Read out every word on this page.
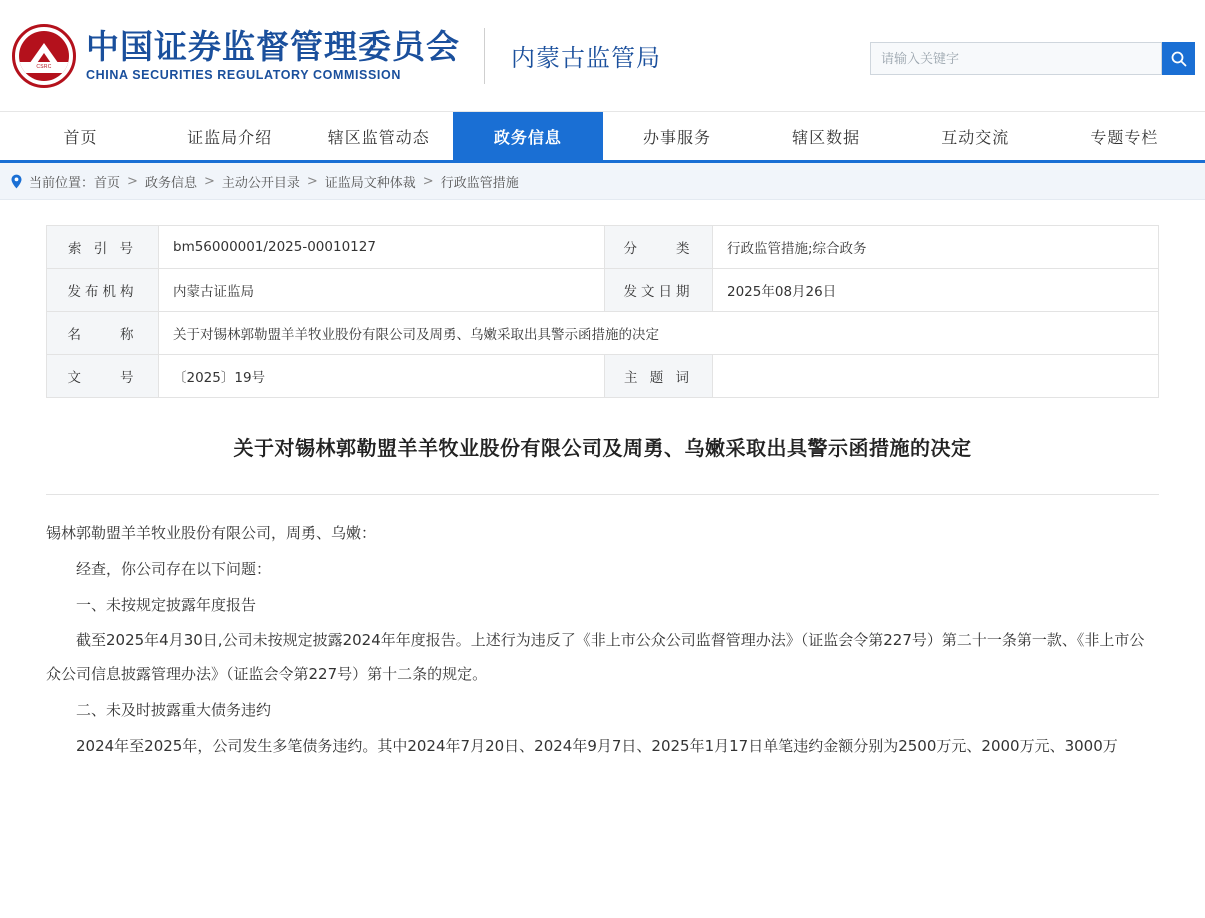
CSRC
中国证券监督管理委员会
CHINA SECURITIES REGULATORY COMMISSION
内蒙古监管局
请输入关键字
首页	证监局介绍	辖区监管动态	政务信息	办事服务	辖区数据	互动交流	专题专栏
当前位置： 首页 > 政务信息 > 主动公开目录 > 证监局文种体裁 > 行政监管措施
索 引 号	bm56000001/2025-00010127	分　　类	行政监管措施;综合政务
发布机构	内蒙古证监局	发文日期	2025年08月26日
名　　称	关于对锡林郭勒盟羊羊牧业股份有限公司及周勇、乌嫩采取出具警示函措施的决定		
文　　号	〔2025〕19号	主 题 词	
关于对锡林郭勒盟羊羊牧业股份有限公司及周勇、乌嫩采取出具警示函措施的决定

锡林郭勒盟羊羊牧业股份有限公司，周勇、乌嫩：

经查，你公司存在以下问题：

一、未按规定披露年度报告

截至2025年4月30日,公司未按规定披露2024年年度报告。上述行为违反了《非上市公众公司监督管理办法》（证监会令第227号）第二十一条第一款、《非上市公众公司信息披露管理办法》（证监会令第227号）第十二条的规定。

二、未及时披露重大债务违约

2024年至2025年，公司发生多笔债务违约。其中2024年7月20日、2024年9月7日、2025年1月17日单笔违约金额分别为2500万元、2000万元、3000万
